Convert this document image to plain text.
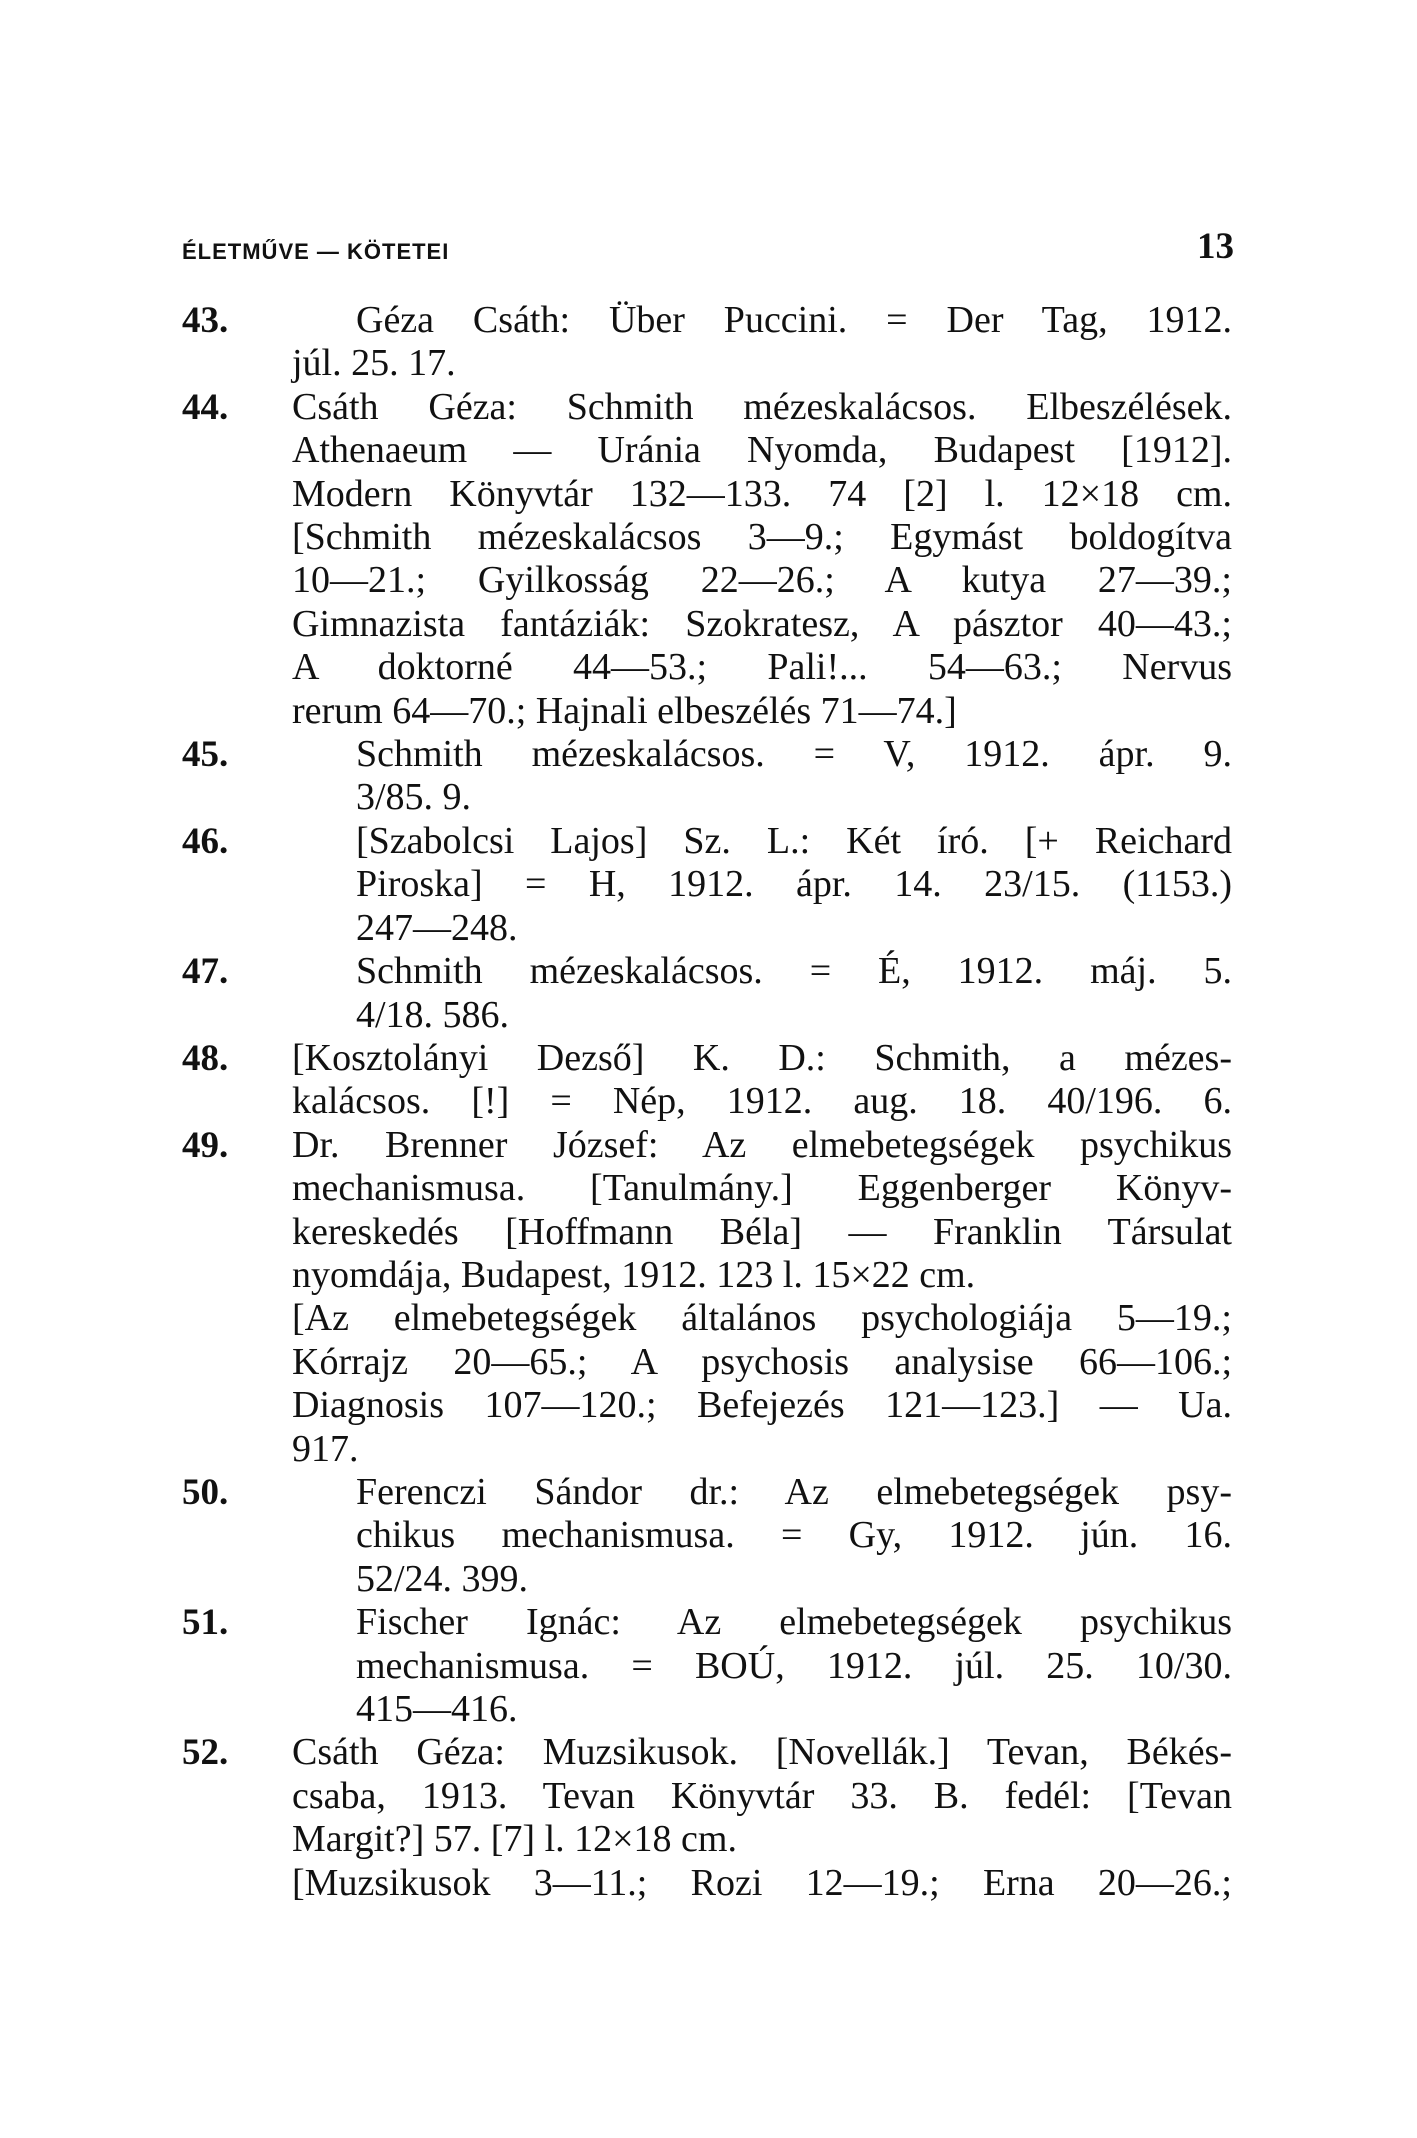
ÉLETMŰVE — KÖTETEI	13
43.	Géza Csáth: Über Puccini. = Der Tag, 1912.
júl. 25. 17.
44. Csáth Géza: Schmith mézeskalácsos. Elbeszélések.
Athenaeum — Uránia Nyomda, Budapest [1912].
Modern Könyvtár 132—133. 74 [2] l. 12×18 cm.
[Schmith mézeskalácsos 3—9.; Egymást boldogítva
10—21.; Gyilkosság 22—26.; A kutya 27—39.;
Gimnazista fantáziák: Szokratesz, A pásztor 40—43.;
A doktorné 44—53.; Pali!... 54—63.; Nervus
rerum 64—70.; Hajnali elbeszélés 71—74.]
45.	Schmith mézeskalácsos. = V, 1912. ápr. 9.
3/85. 9.
46.	[Szabolcsi Lajos] Sz. L.: Két író. [+ Reichard
Piroska] = H, 1912. ápr. 14. 23/15. (1153.)
247—248.
47.	Schmith mézeskalácsos. = É, 1912. máj. 5.
4/18. 586.
48. [Kosztolányi Dezső] K. D.: Schmith, a mézes-
kalácsos. [!] = Nép, 1912. aug. 18. 40/196. 6.
49. Dr. Brenner József: Az elmebetegségek psychikus
mechanismusa. [Tanulmány.] Eggenberger Könyv-
kereskedés [Hoffmann Béla] — Franklin Társulat
nyomdája, Budapest, 1912. 123 l. 15×22 cm.
[Az elmebetegségek általános psychologiája 5—19.;
Kórrajz 20—65.; A psychosis analysise 66—106.;
Diagnosis 107—120.; Befejezés 121—123.] — Ua.
917.
50.	Ferenczi Sándor dr.: Az elmebetegségek psy-
chikus mechanismusa. = Gy, 1912. jún. 16.
52/24. 399.
51.	Fischer Ignác: Az elmebetegségek psychikus
mechanismusa. = BOÚ, 1912. júl. 25. 10/30.
415—416.
52. Csáth Géza: Muzsikusok. [Novellák.] Tevan, Békés-
csaba, 1913. Tevan Könyvtár 33. B. fedél: [Tevan
Margit?] 57. [7] l. 12×18 cm.
[Muzsikusok 3—11.; Rozi 12—19.; Erna 20—26.;
